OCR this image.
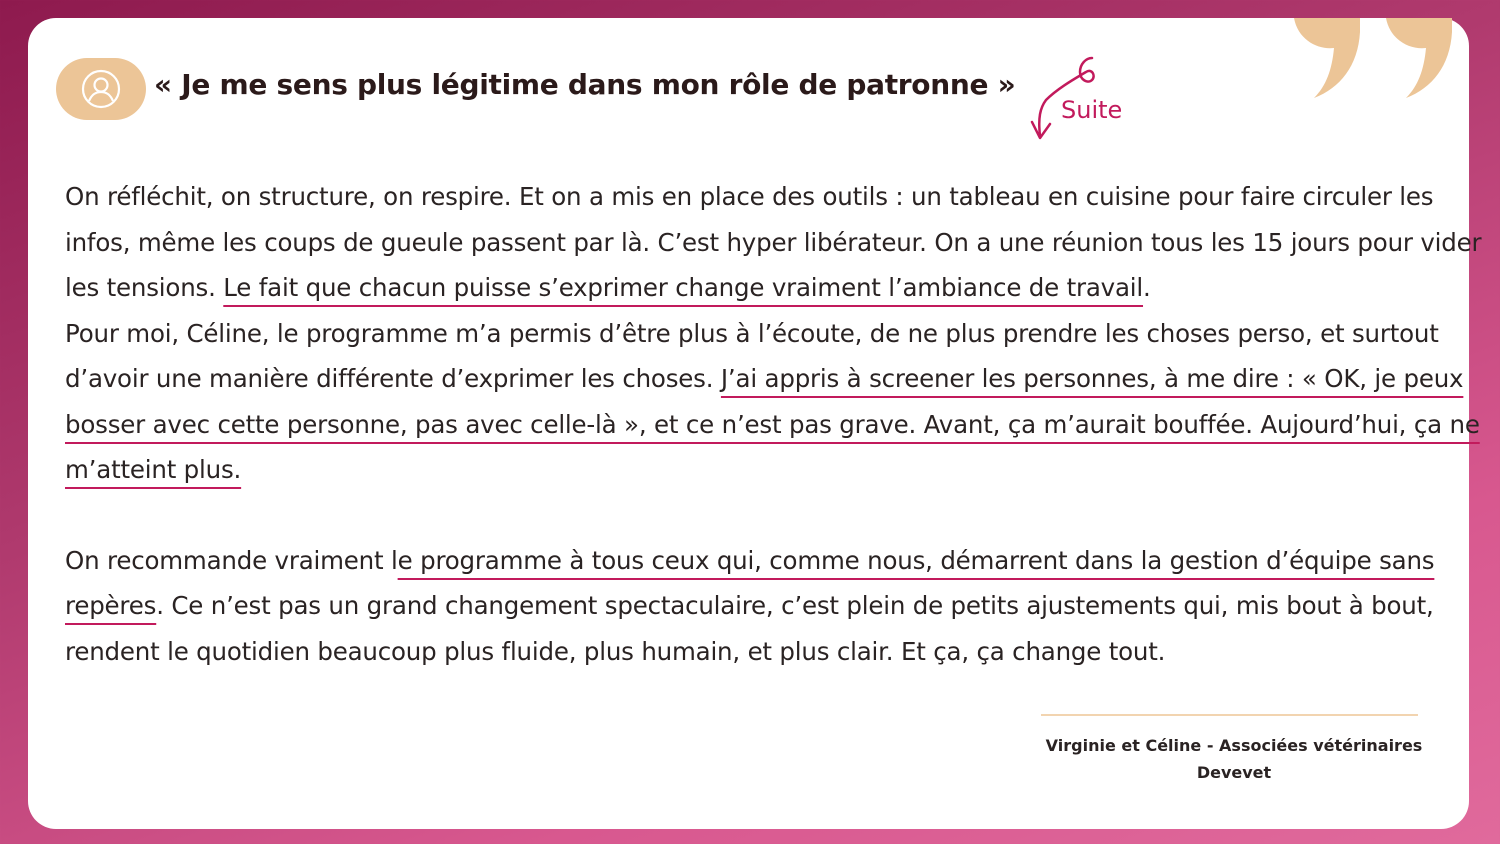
« Je me sens plus légitime dans mon rôle de patronne »
Suite

On réfléchit, on structure, on respire. Et on a mis en place des outils : un tableau en cuisine pour faire circuler les infos, même les coups de gueule passent par là. C’est hyper libérateur. On a une réunion tous les 15 jours pour vider les tensions. Le fait que chacun puisse s’exprimer change vraiment l’ambiance de travail.

Pour moi, Céline, le programme m’a permis d’être plus à l’écoute, de ne plus prendre les choses perso, et surtout d’avoir une manière différente d’exprimer les choses. J’ai appris à screener les personnes, à me dire : « OK, je peux bosser avec cette personne, pas avec celle-là », et ce n’est pas grave. Avant, ça m’aurait bouffée. Aujourd’hui, ça ne m’atteint plus.

On recommande vraiment le programme à tous ceux qui, comme nous, démarrent dans la gestion d’équipe sans repères. Ce n’est pas un grand changement spectaculaire, c’est plein de petits ajustements qui, mis bout à bout, rendent le quotidien beaucoup plus fluide, plus humain, et plus clair. Et ça, ça change tout.

Virginie et Céline - Associées vétérinaires
Devevet
